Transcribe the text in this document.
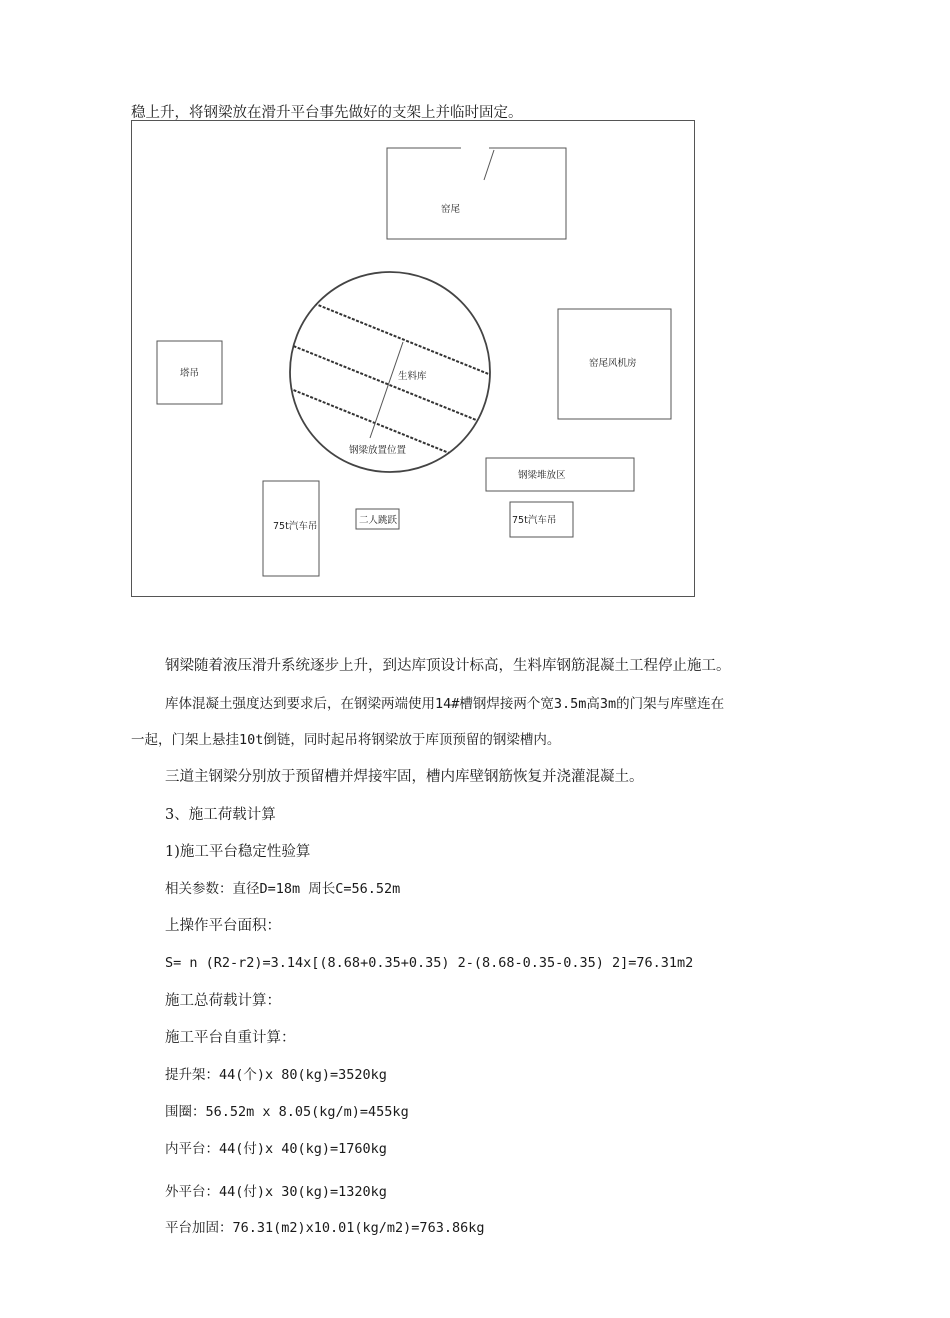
稳上升，将钢梁放在滑升平台事先做好的支架上并临时固定。
窑尾
塔吊
窑尾风机房
生料库
钢梁放置位置
钢梁堆放区
75t汽车吊
二人跳跃	75t汽车吊
钢梁随着液压滑升系统逐步上升，到达库顶设计标高，生料库钢筋混凝土工程停止施工。
库体混凝土强度达到要求后，在钢梁两端使用14#槽钢焊接两个宽3.5m高3m的门架与库壁连在
一起，门架上悬挂10t倒链，同时起吊将钢梁放于库顶预留的钢梁槽内。
三道主钢梁分别放于预留槽并焊接牢固，槽内库壁钢筋恢复并浇灌混凝土。
3、施工荷载计算
1)施工平台稳定性验算
相关参数：直径D=18m 周长C=56.52m
上操作平台面积：
S= n (R2-r2)=3.14x[(8.68+0.35+0.35) 2-(8.68-0.35-0.35) 2]=76.31m2
施工总荷载计算：
施工平台自重计算：
提升架：44(个)x 80(kg)=3520kg
围圈：56.52m x 8.05(kg/m)=455kg
内平台：44(付)x 40(kg)=1760kg
外平台：44(付)x 30(kg)=1320kg
平台加固：76.31(m2)x10.01(kg/m2)=763.86kg
